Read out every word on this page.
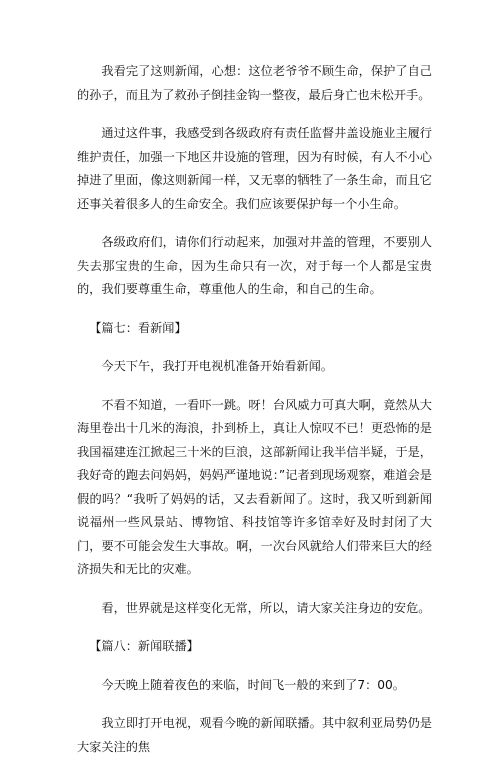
我看完了这则新闻，心想：这位老爷爷不顾生命，保护了自己的孙子，而且为了救孙子倒挂金钩一整夜，最后身亡也未松开手。

通过这件事，我感受到各级政府有责任监督井盖设施业主履行维护责任，加强一下地区井设施的管理，因为有时候，有人不小心掉进了里面，像这则新闻一样，又无辜的牺牲了一条生命，而且它还事关着很多人的生命安全。我们应该要保护每一个小生命。

各级政府们，请你们行动起来，加强对井盖的管理，不要别人失去那宝贵的生命，因为生命只有一次，对于每一个人都是宝贵的，我们要尊重生命，尊重他人的生命，和自己的生命。

【篇七：看新闻】

今天下午，我打开电视机准备开始看新闻。

不看不知道，一看吓一跳。呀！台风威力可真大啊，竟然从大海里卷出十几米的海浪，扑到桥上，真让人惊叹不已！更恐怖的是我国福建连江掀起三十米的巨浪，这部新闻让我半信半疑，于是，我好奇的跑去问妈妈，妈妈严谨地说：”记者到现场观察，难道会是假的吗？“我听了妈妈的话，又去看新闻了。这时，我又听到新闻说福州一些风景站、博物馆、科技馆等许多馆幸好及时封闭了大门，要不可能会发生大事故。啊，一次台风就给人们带来巨大的经济损失和无比的灾难。

看，世界就是这样变化无常，所以，请大家关注身边的安危。

【篇八：新闻联播】

今天晚上随着夜色的来临，时间飞一般的来到了7：00。

我立即打开电视，观看今晚的新闻联播。其中叙利亚局势仍是大家关注的焦
